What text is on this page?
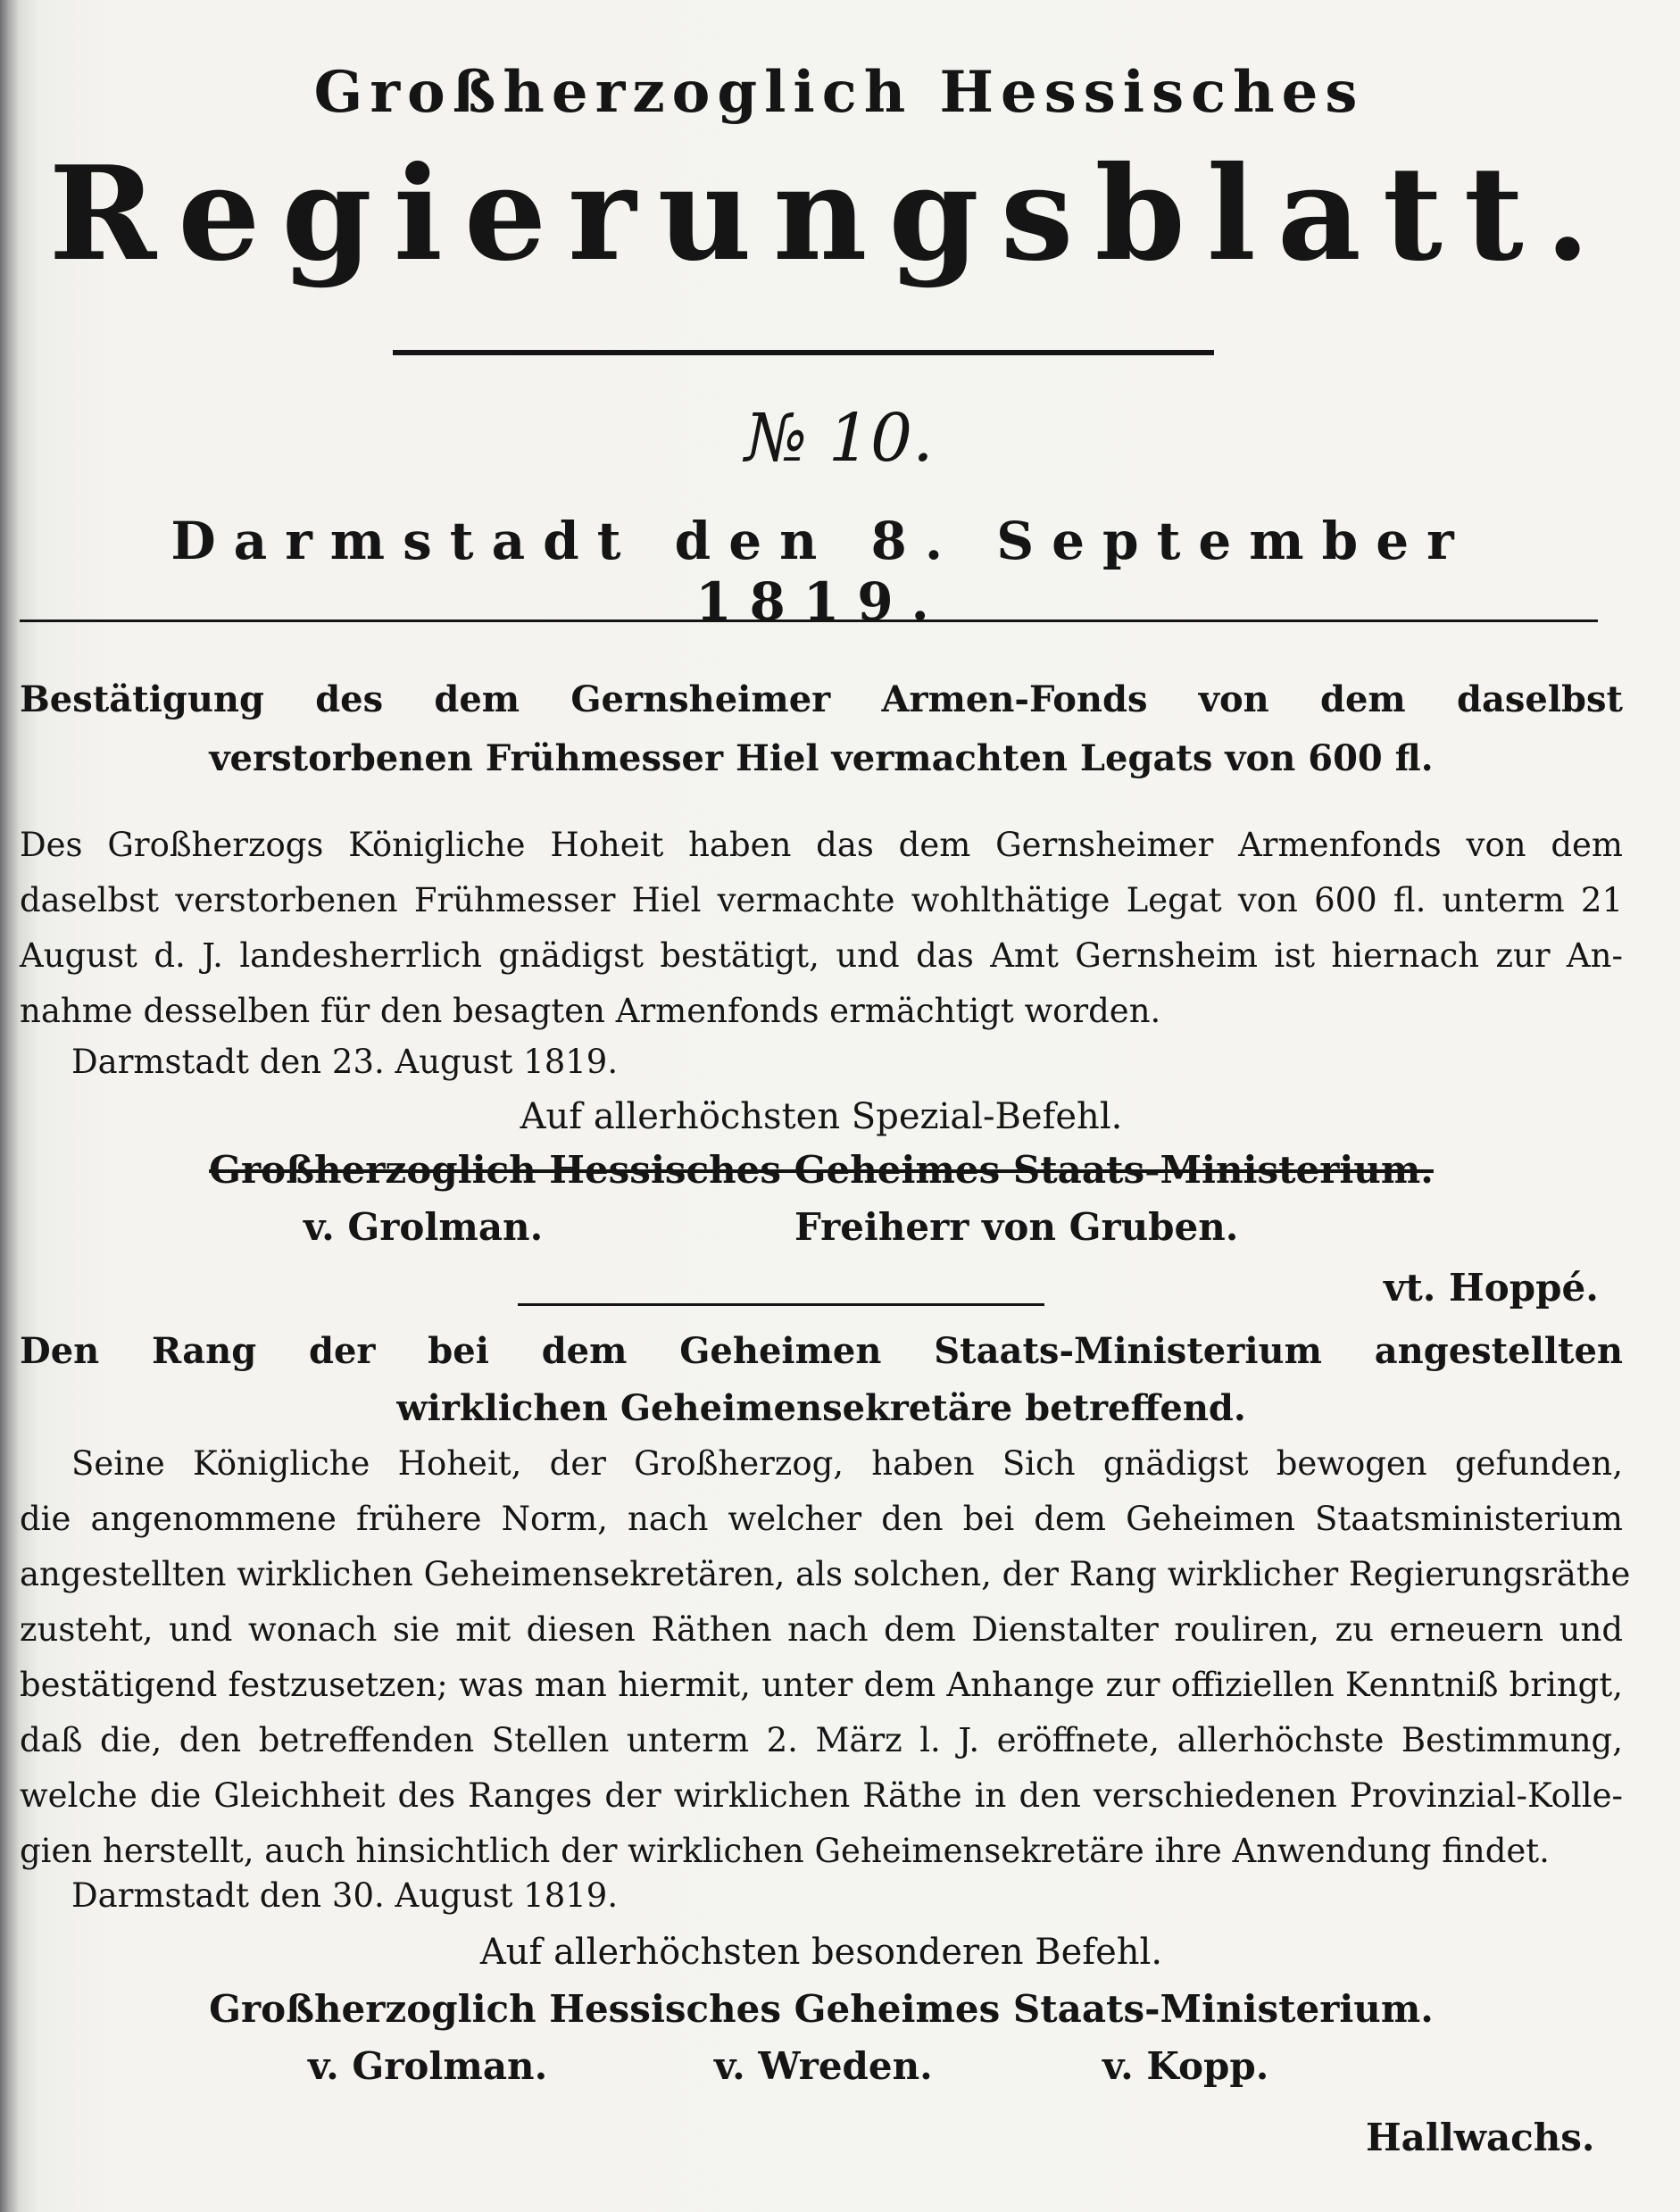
Großherzoglich Hessisches
Regierungsblatt.
№ 10.
Darmstadt den 8. September 1819.
Bestätigung des dem Gernsheimer Armen-Fonds von dem daselbst
verstorbenen Frühmesser Hiel vermachten Legats von 600 fl.
Des Großherzogs Königliche Hoheit haben das dem Gernsheimer Armenfonds von dem
daselbst verstorbenen Frühmesser Hiel vermachte wohlthätige Legat von 600 fl. unterm 21
August d. J. landesherrlich gnädigst bestätigt, und das Amt Gernsheim ist hiernach zur An-
nahme desselben für den besagten Armenfonds ermächtigt worden.
Darmstadt den 23. August 1819.
Auf allerhöchsten Spezial-Befehl.
Großherzoglich Hessisches Geheimes Staats-Ministerium.
v. Grolman.	Freiherr von Gruben.
vt. Hoppé.
Den Rang der bei dem Geheimen Staats-Ministerium angestellten
wirklichen Geheimensekretäre betreffend.
Seine Königliche Hoheit, der Großherzog, haben Sich gnädigst bewogen gefunden,
die angenommene frühere Norm, nach welcher den bei dem Geheimen Staatsministerium
angestellten wirklichen Geheimensekretären, als solchen, der Rang wirklicher Regierungsräthe
zusteht, und wonach sie mit diesen Räthen nach dem Dienstalter rouliren, zu erneuern und
bestätigend festzusetzen; was man hiermit, unter dem Anhange zur offiziellen Kenntniß bringt,
daß die, den betreffenden Stellen unterm 2. März l. J. eröffnete, allerhöchste Bestimmung,
welche die Gleichheit des Ranges der wirklichen Räthe in den verschiedenen Provinzial-Kolle-
gien herstellt, auch hinsichtlich der wirklichen Geheimensekretäre ihre Anwendung findet.
Darmstadt den 30. August 1819.
Auf allerhöchsten besonderen Befehl.
Großherzoglich Hessisches Geheimes Staats-Ministerium.
v. Grolman.	v. Wreden.	v. Kopp.
Hallwachs.
